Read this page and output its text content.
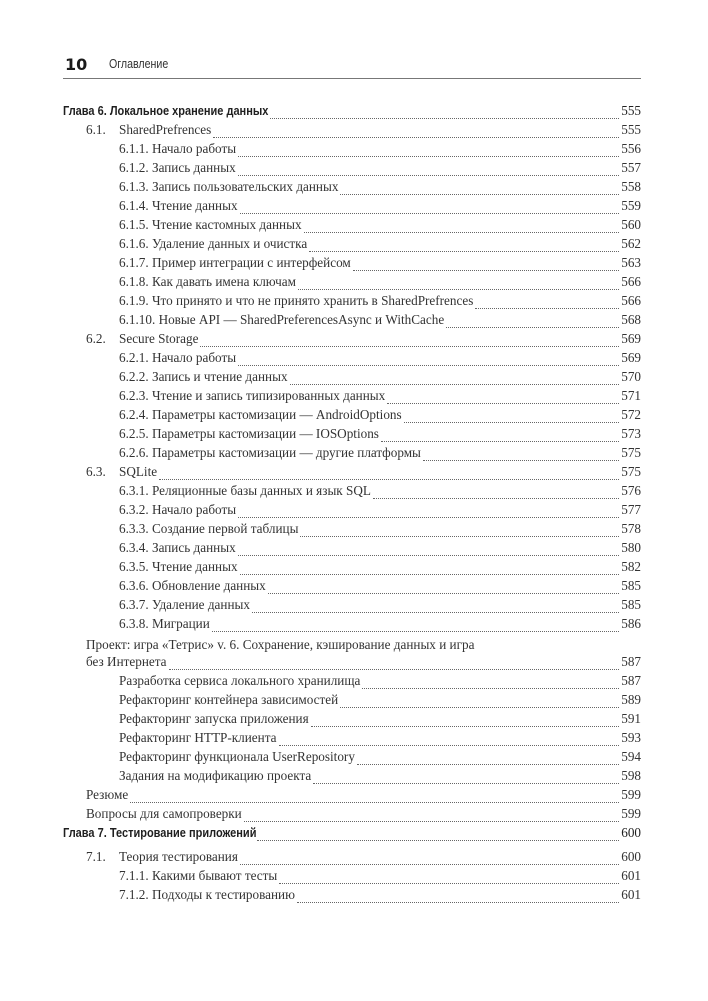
10 Оглавление
Глава 6. Локальное хранение данных	555
6.1.	SharedPrefrences	555
6.1.1. Начало работы	556
6.1.2. Запись данных	557
6.1.3. Запись пользовательских данных	558
6.1.4. Чтение данных	559
6.1.5. Чтение кастомных данных	560
6.1.6. Удаление данных и очистка	562
6.1.7. Пример интеграции с интерфейсом	563
6.1.8. Как давать имена ключам	566
6.1.9. Что принято и что не принято хранить в SharedPrefrences	566
6.1.10. Новые API — SharedPreferencesAsync и WithCache	568
6.2.	Secure Storage	569
6.2.1. Начало работы	569
6.2.2. Запись и чтение данных	570
6.2.3. Чтение и запись типизированных данных	571
6.2.4. Параметры кастомизации — AndroidOptions	572
6.2.5. Параметры кастомизации — IOSOptions	573
6.2.6. Параметры кастомизации — другие платформы	575
6.3.	SQLite	575
6.3.1. Реляционные базы данных и язык SQL	576
6.3.2. Начало работы	577
6.3.3. Создание первой таблицы	578
6.3.4. Запись данных	580
6.3.5. Чтение данных	582
6.3.6. Обновление данных	585
6.3.7. Удаление данных	585
6.3.8. Миграции	586
Проект: игра «Тетрис» v. 6. Сохранение, кэширование данных и игра
без Интернета	587
Разработка сервиса локального хранилища	587
Рефакторинг контейнера зависимостей	589
Рефакторинг запуска приложения	591
Рефакторинг HTTP-клиента	593
Рефакторинг функционала UserRepository	594
Задания на модификацию проекта	598
Резюме	599
Вопросы для самопроверки	599
Глава 7. Тестирование приложений	600
7.1.	Теория тестирования	600
7.1.1. Какими бывают тесты	601
7.1.2. Подходы к тестированию	601
